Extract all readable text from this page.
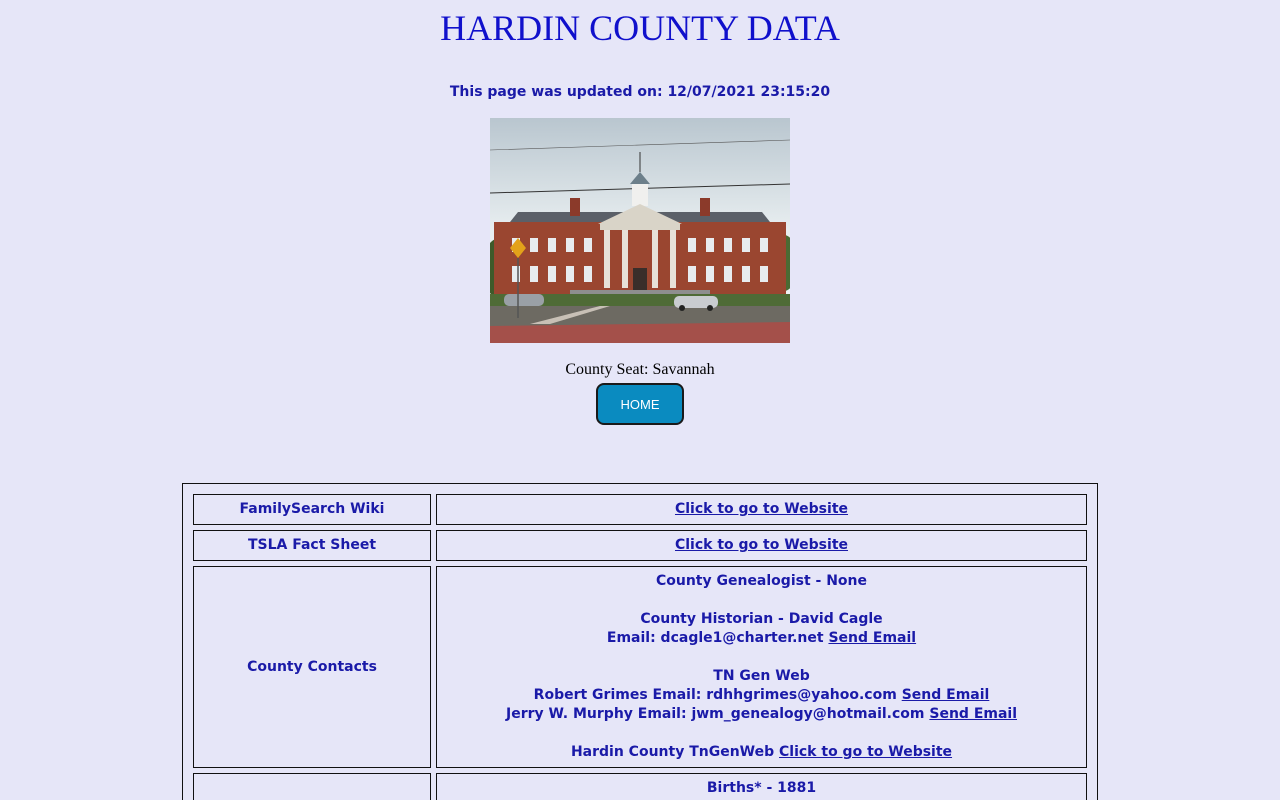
HARDIN COUNTY DATA
This page was updated on: 12/07/2021 23:15:20
County Seat: Savannah
HOME
FamilySearch Wiki	Click to go to Website
TSLA Fact Sheet	Click to go to Website
County Contacts
County Genealogist - None
County Historian - David Cagle
Email: dcagle1@charter.net Send Email
TN Gen Web
Robert Grimes Email: rdhhgrimes@yahoo.com Send Email
Jerry W. Murphy Email: jwm_genealogy@hotmail.com Send Email
Hardin County TnGenWeb Click to go to Website
Births* - 1881
